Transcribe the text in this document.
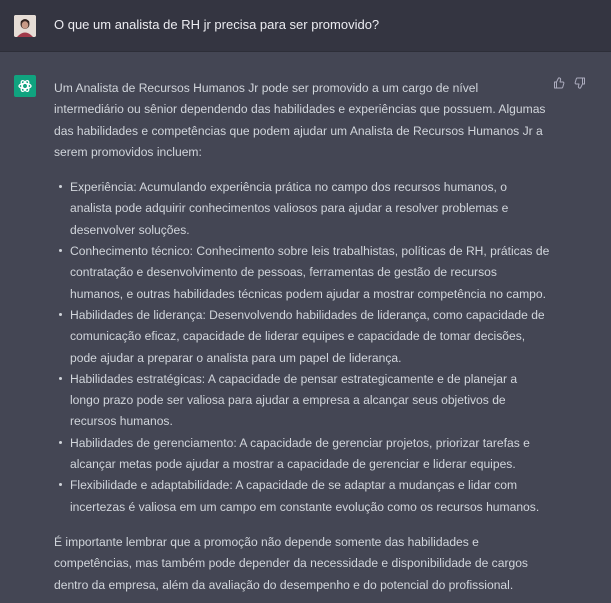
O que um analista de RH jr precisa para ser promovido?

Um Analista de Recursos Humanos Jr pode ser promovido a um cargo de nível intermediário ou sênior dependendo das habilidades e experiências que possuem. Algumas das habilidades e competências que podem ajudar um Analista de Recursos Humanos Jr a serem promovidos incluem:

Experiência: Acumulando experiência prática no campo dos recursos humanos, o analista pode adquirir conhecimentos valiosos para ajudar a resolver problemas e desenvolver soluções.
Conhecimento técnico: Conhecimento sobre leis trabalhistas, políticas de RH, práticas de contratação e desenvolvimento de pessoas, ferramentas de gestão de recursos humanos, e outras habilidades técnicas podem ajudar a mostrar competência no campo.
Habilidades de liderança: Desenvolvendo habilidades de liderança, como capacidade de comunicação eficaz, capacidade de liderar equipes e capacidade de tomar decisões, pode ajudar a preparar o analista para um papel de liderança.
Habilidades estratégicas: A capacidade de pensar estrategicamente e de planejar a longo prazo pode ser valiosa para ajudar a empresa a alcançar seus objetivos de recursos humanos.
Habilidades de gerenciamento: A capacidade de gerenciar projetos, priorizar tarefas e alcançar metas pode ajudar a mostrar a capacidade de gerenciar e liderar equipes.
Flexibilidade e adaptabilidade: A capacidade de se adaptar a mudanças e lidar com incertezas é valiosa em um campo em constante evolução como os recursos humanos.

É importante lembrar que a promoção não depende somente das habilidades e competências, mas também pode depender da necessidade e disponibilidade de cargos dentro da empresa, além da avaliação do desempenho e do potencial do profissional.
